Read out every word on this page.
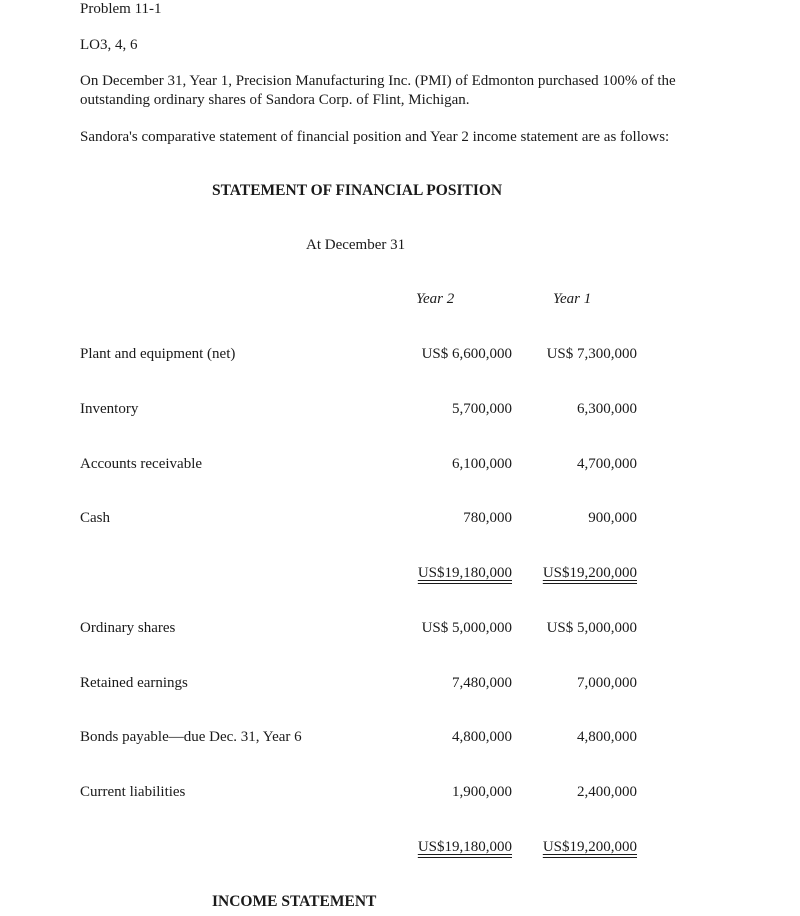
Problem 11-1
LO3, 4, 6
On December 31, Year 1, Precision Manufacturing Inc. (PMI) of Edmonton purchased 100% of the outstanding ordinary shares of Sandora Corp. of Flint, Michigan.
Sandora's comparative statement of financial position and Year 2 income statement are as follows:
STATEMENT OF FINANCIAL POSITION
At December 31
Year 2	Year 1
Plant and equipment (net)	US$ 6,600,000	US$ 7,300,000
Inventory	5,700,000	6,300,000
Accounts receivable	6,100,000	4,700,000
Cash	780,000	900,000
US$19,180,000	US$19,200,000
Ordinary shares	US$ 5,000,000	US$ 5,000,000
Retained earnings	7,480,000	7,000,000
Bonds payable—due Dec. 31, Year 6	4,800,000	4,800,000
Current liabilities	1,900,000	2,400,000
US$19,180,000	US$19,200,000
INCOME STATEMENT
